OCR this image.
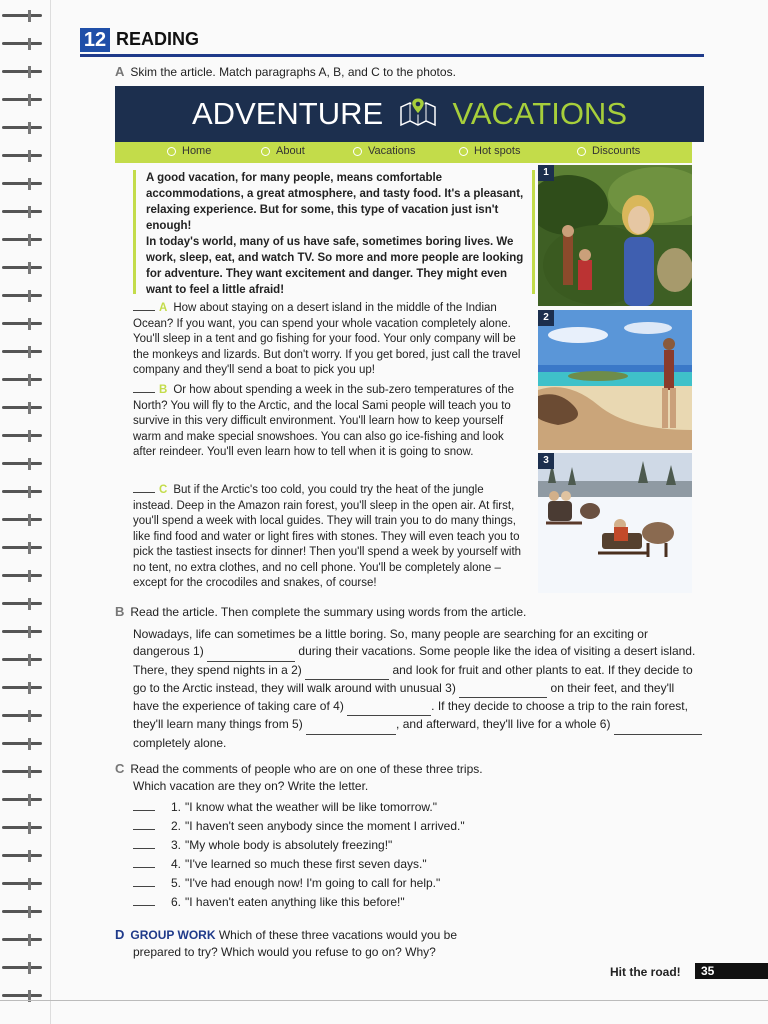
12 READING
A Skim the article. Match paragraphs A, B, and C to the photos.
ADVENTURE VACATIONS
Home	About	Vacations	Hot spots	Discounts

A good vacation, for many people, means comfortable accommodations, a great atmosphere, and tasty food. It's a pleasant, relaxing experience. But for some, this type of vacation just isn't enough!

In today's world, many of us have safe, sometimes boring lives. We work, sleep, eat, and watch TV. So more and more people are looking for adventure. They want excitement and danger. They might even want to feel a little afraid!

A How about staying on a desert island in the middle of the Indian Ocean? If you want, you can spend your whole vacation completely alone. You'll sleep in a tent and go fishing for your food. Your only company will be the monkeys and lizards. But don't worry. If you get bored, just call the travel company and they'll send a boat to pick you up!
B Or how about spending a week in the sub-zero temperatures of the North? You will fly to the Arctic, and the local Sami people will teach you to survive in this very difficult environment. You'll learn how to keep yourself warm and make special snowshoes. You can also go ice-fishing and look after reindeer. You'll even learn how to tell when it is going to snow.
C But if the Arctic's too cold, you could try the heat of the jungle instead. Deep in the Amazon rain forest, you'll sleep in the open air. At first, you'll spend a week with local guides. They will train you to do many things, like find food and water or light fires with stones. They will even teach you to pick the tastiest insects for dinner! Then you'll spend a week by yourself with no tent, no extra clothes, and no cell phone. You'll be completely alone – except for the crocodiles and snakes, of course!
1
2
3
B Read the article. Then complete the summary using words from the article.
Nowadays, life can sometimes be a little boring. So, many people are searching for an exciting or dangerous 1)	during their vacations. Some people like the idea of visiting a desert island. There, they spend nights in a 2)	and look for fruit and other plants to eat. If they decide to go to the Arctic instead, they will walk around with unusual 3)	on their feet, and they'll have the experience of taking care of 4)	. If they decide to choose a trip to the rain forest, they'll learn many things from 5)	, and afterward, they'll live for a whole 6)   completely alone.
C Read the comments of people who are on one of these three trips.
Which vacation are they on? Write the letter.
1. "I know what the weather will be like tomorrow."
2. "I haven't seen anybody since the moment I arrived."
3. "My whole body is absolutely freezing!"
4. "I've learned so much these first seven days."
5. "I've had enough now! I'm going to call for help."
6. "I haven't eaten anything like this before!"
D GROUP WORK Which of these three vacations would you be
prepared to try? Which would you refuse to go on? Why?
Hit the road!	35
